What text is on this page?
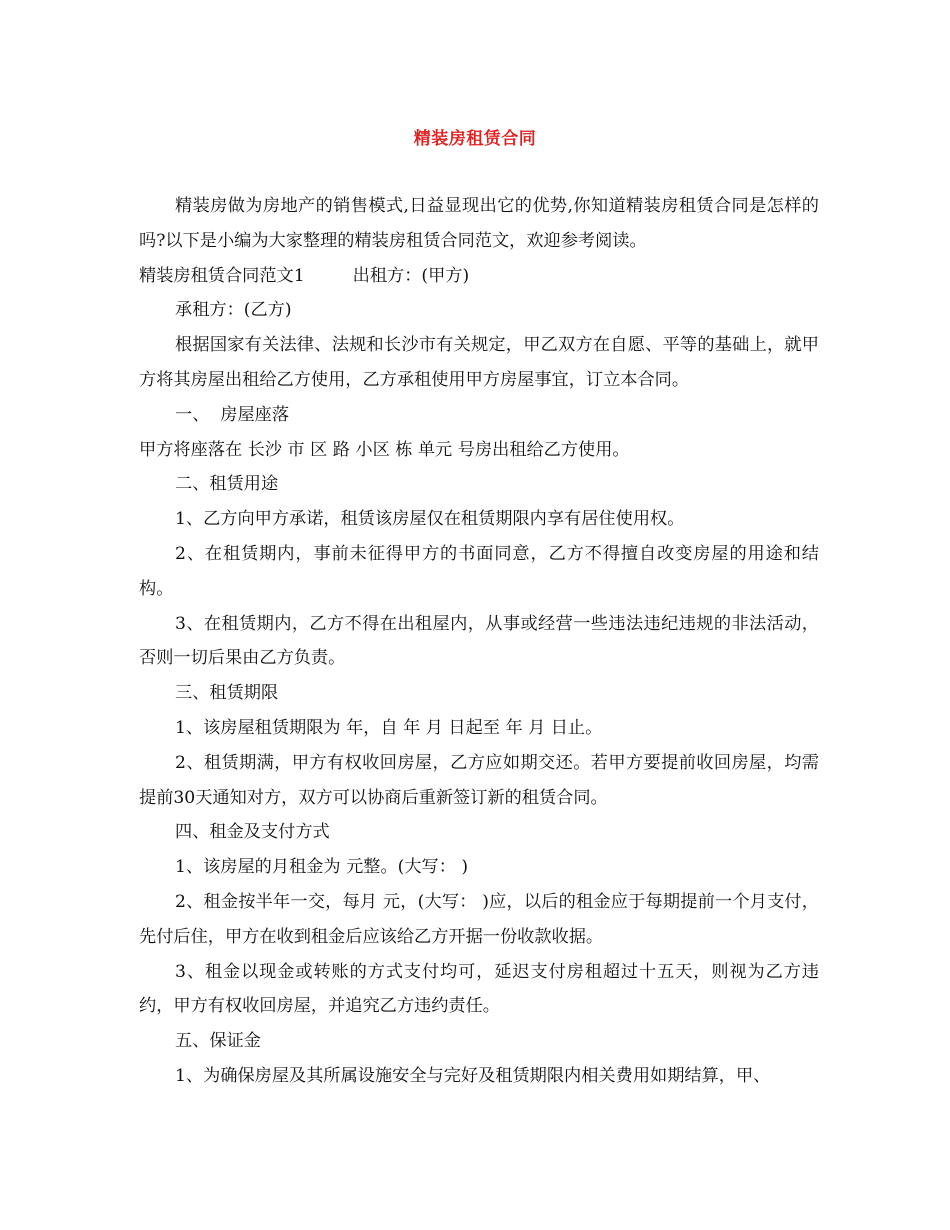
精装房租赁合同

精装房做为房地产的销售模式,日益显现出它的优势,你知道精装房租赁合同是怎样的吗?以下是小编为大家整理的精装房租赁合同范文，欢迎参考阅读。

精装房租赁合同范文1	出租方：(甲方)

承租方：(乙方)

根据国家有关法律、法规和长沙市有关规定，甲乙双方在自愿、平等的基础上，就甲方将其房屋出租给乙方使用，乙方承租使用甲方房屋事宜，订立本合同。

一、  房屋座落

甲方将座落在 长沙 市 区 路 小区 栋 单元 号房出租给乙方使用。

二、租赁用途

1、乙方向甲方承诺，租赁该房屋仅在租赁期限内享有居住使用权。

2、在租赁期内，事前未征得甲方的书面同意，乙方不得擅自改变房屋的用途和结构。

3、在租赁期内，乙方不得在出租屋内，从事或经营一些违法违纪违规的非法活动，否则一切后果由乙方负责。

三、租赁期限

1、该房屋租赁期限为 年，自 年 月 日起至 年 月 日止。

2、租赁期满，甲方有权收回房屋，乙方应如期交还。若甲方要提前收回房屋，均需提前30天通知对方，双方可以协商后重新签订新的租赁合同。

四、租金及支付方式

1、该房屋的月租金为 元整。(大写： )

2、租金按半年一交，每月 元，(大写： )应，以后的租金应于每期提前一个月支付，先付后住，甲方在收到租金后应该给乙方开据一份收款收据。

3、租金以现金或转账的方式支付均可，延迟支付房租超过十五天，则视为乙方违约，甲方有权收回房屋，并追究乙方违约责任。

五、保证金

1、为确保房屋及其所属设施安全与完好及租赁期限内相关费用如期结算，甲、
